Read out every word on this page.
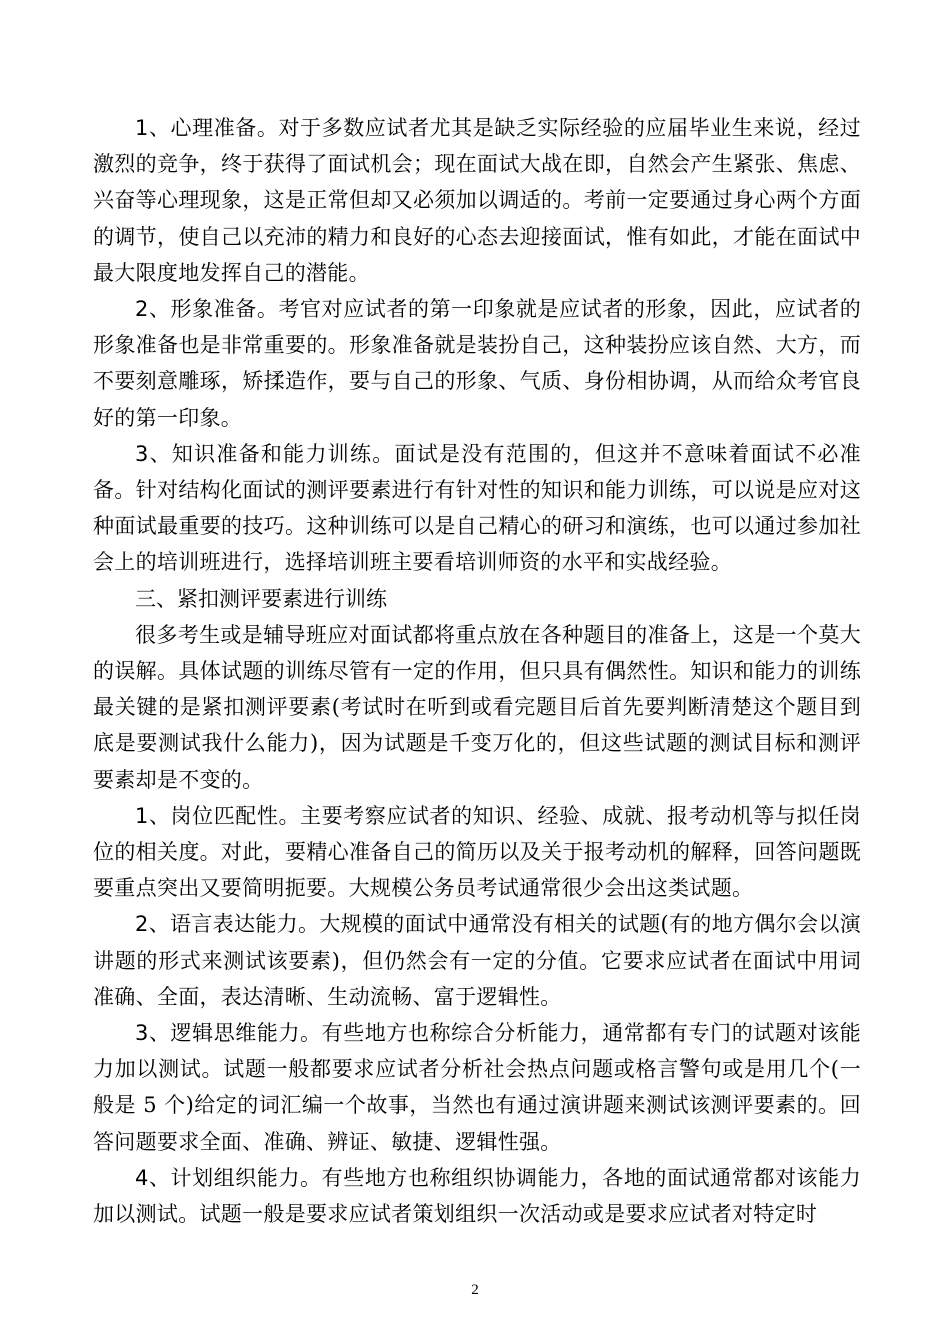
1、心理准备。对于多数应试者尤其是缺乏实际经验的应届毕业生来说，经过激烈的竞争，终于获得了面试机会；现在面试大战在即，自然会产生紧张、焦虑、兴奋等心理现象，这是正常但却又必须加以调适的。考前一定要通过身心两个方面的调节，使自己以充沛的精力和良好的心态去迎接面试，惟有如此，才能在面试中最大限度地发挥自己的潜能。

2、形象准备。考官对应试者的第一印象就是应试者的形象，因此，应试者的形象准备也是非常重要的。形象准备就是装扮自己，这种装扮应该自然、大方，而不要刻意雕琢，矫揉造作，要与自己的形象、气质、身份相协调，从而给众考官良好的第一印象。

3、知识准备和能力训练。面试是没有范围的，但这并不意味着面试不必准备。针对结构化面试的测评要素进行有针对性的知识和能力训练，可以说是应对这种面试最重要的技巧。这种训练可以是自己精心的研习和演练，也可以通过参加社会上的培训班进行，选择培训班主要看培训师资的水平和实战经验。

三、紧扣测评要素进行训练

很多考生或是辅导班应对面试都将重点放在各种题目的准备上，这是一个莫大的误解。具体试题的训练尽管有一定的作用，但只具有偶然性。知识和能力的训练最关键的是紧扣测评要素(考试时在听到或看完题目后首先要判断清楚这个题目到底是要测试我什么能力)，因为试题是千变万化的，但这些试题的测试目标和测评要素却是不变的。

1、岗位匹配性。主要考察应试者的知识、经验、成就、报考动机等与拟任岗位的相关度。对此，要精心准备自己的简历以及关于报考动机的解释，回答问题既要重点突出又要简明扼要。大规模公务员考试通常很少会出这类试题。

2、语言表达能力。大规模的面试中通常没有相关的试题(有的地方偶尔会以演讲题的形式来测试该要素)，但仍然会有一定的分值。它要求应试者在面试中用词准确、全面，表达清晰、生动流畅、富于逻辑性。

3、逻辑思维能力。有些地方也称综合分析能力，通常都有专门的试题对该能力加以测试。试题一般都要求应试者分析社会热点问题或格言警句或是用几个(一般是 5 个)给定的词汇编一个故事，当然也有通过演讲题来测试该测评要素的。回答问题要求全面、准确、辨证、敏捷、逻辑性强。

4、计划组织能力。有些地方也称组织协调能力，各地的面试通常都对该能力加以测试。试题一般是要求应试者策划组织一次活动或是要求应试者对特定时

2
